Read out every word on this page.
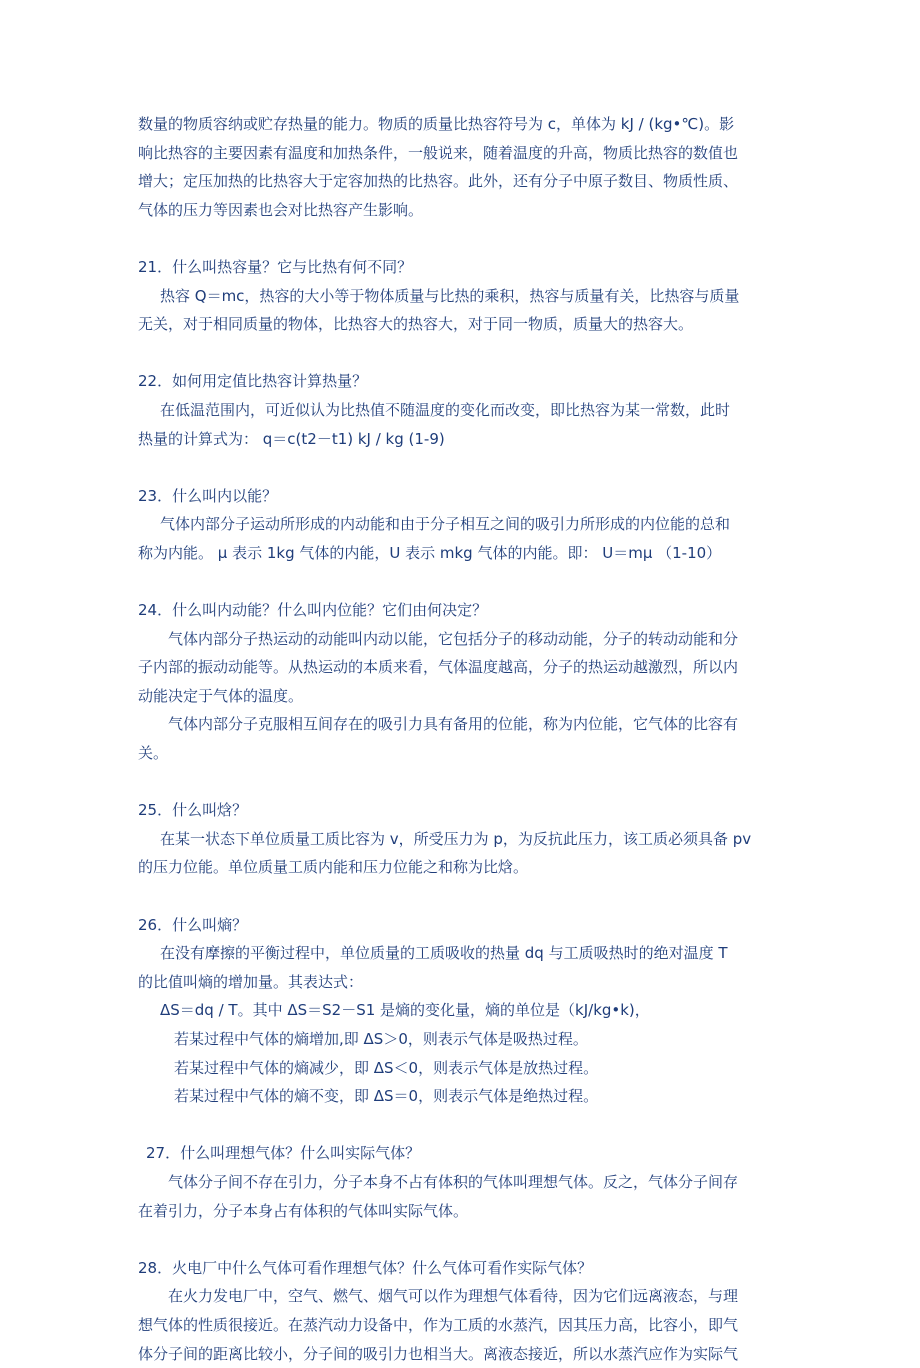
数量的物质容纳或贮存热量的能力。物质的质量比热容符号为 c，单体为 kJ / (kg•℃)。影
响比热容的主要因素有温度和加热条件，一般说来，随着温度的升高，物质比热容的数值也
增大；定压加热的比热容大于定容加热的比热容。此外，还有分子中原子数目、物质性质、
气体的压力等因素也会对比热容产生影响。
21．什么叫热容量？它与比热有何不同？
热容 Q＝mc，热容的大小等于物体质量与比热的乘积，热容与质量有关，比热容与质量
无关，对于相同质量的物体，比热容大的热容大，对于同一物质，质量大的热容大。
22．如何用定值比热容计算热量？
在低温范围内，可近似认为比热值不随温度的变化而改变，即比热容为某一常数，此时
热量的计算式为： q＝c(t2－t1) kJ / kg (1-9)
23．什么叫内以能？
气体内部分子运动所形成的内动能和由于分子相互之间的吸引力所形成的内位能的总和
称为内能。 μ 表示 1kg 气体的内能，U 表示 mkg 气体的内能。即： U＝mμ （1-10）
24．什么叫内动能？什么叫内位能？它们由何决定？
气体内部分子热运动的动能叫内动以能，它包括分子的移动动能，分子的转动动能和分
子内部的振动动能等。从热运动的本质来看，气体温度越高，分子的热运动越激烈，所以内
动能决定于气体的温度。
气体内部分子克服相互间存在的吸引力具有备用的位能，称为内位能，它气体的比容有
关。
25．什么叫焓？
在某一状态下单位质量工质比容为 v，所受压力为 p，为反抗此压力，该工质必须具备 pv
的压力位能。单位质量工质内能和压力位能之和称为比焓。
26．什么叫熵？
在没有摩擦的平衡过程中，单位质量的工质吸收的热量 dq 与工质吸热时的绝对温度 T
的比值叫熵的增加量。其表达式：
ΔS＝dq / T。其中 ΔS＝S2－S1 是熵的变化量，熵的单位是（kJ/kg•k)，
若某过程中气体的熵增加,即 ΔS＞0，则表示气体是吸热过程。
若某过程中气体的熵减少，即 ΔS＜0，则表示气体是放热过程。
若某过程中气体的熵不变，即 ΔS＝0，则表示气体是绝热过程。
27．什么叫理想气体？什么叫实际气体？
气体分子间不存在引力，分子本身不占有体积的气体叫理想气体。反之，气体分子间存
在着引力，分子本身占有体积的气体叫实际气体。
28．火电厂中什么气体可看作理想气体？什么气体可看作实际气体？
在火力发电厂中，空气、燃气、烟气可以作为理想气体看待，因为它们远离液态，与理
想气体的性质很接近。在蒸汽动力设备中，作为工质的水蒸汽，因其压力高，比容小，即气
体分子间的距离比较小，分子间的吸引力也相当大。离液态接近，所以水蒸汽应作为实际气
